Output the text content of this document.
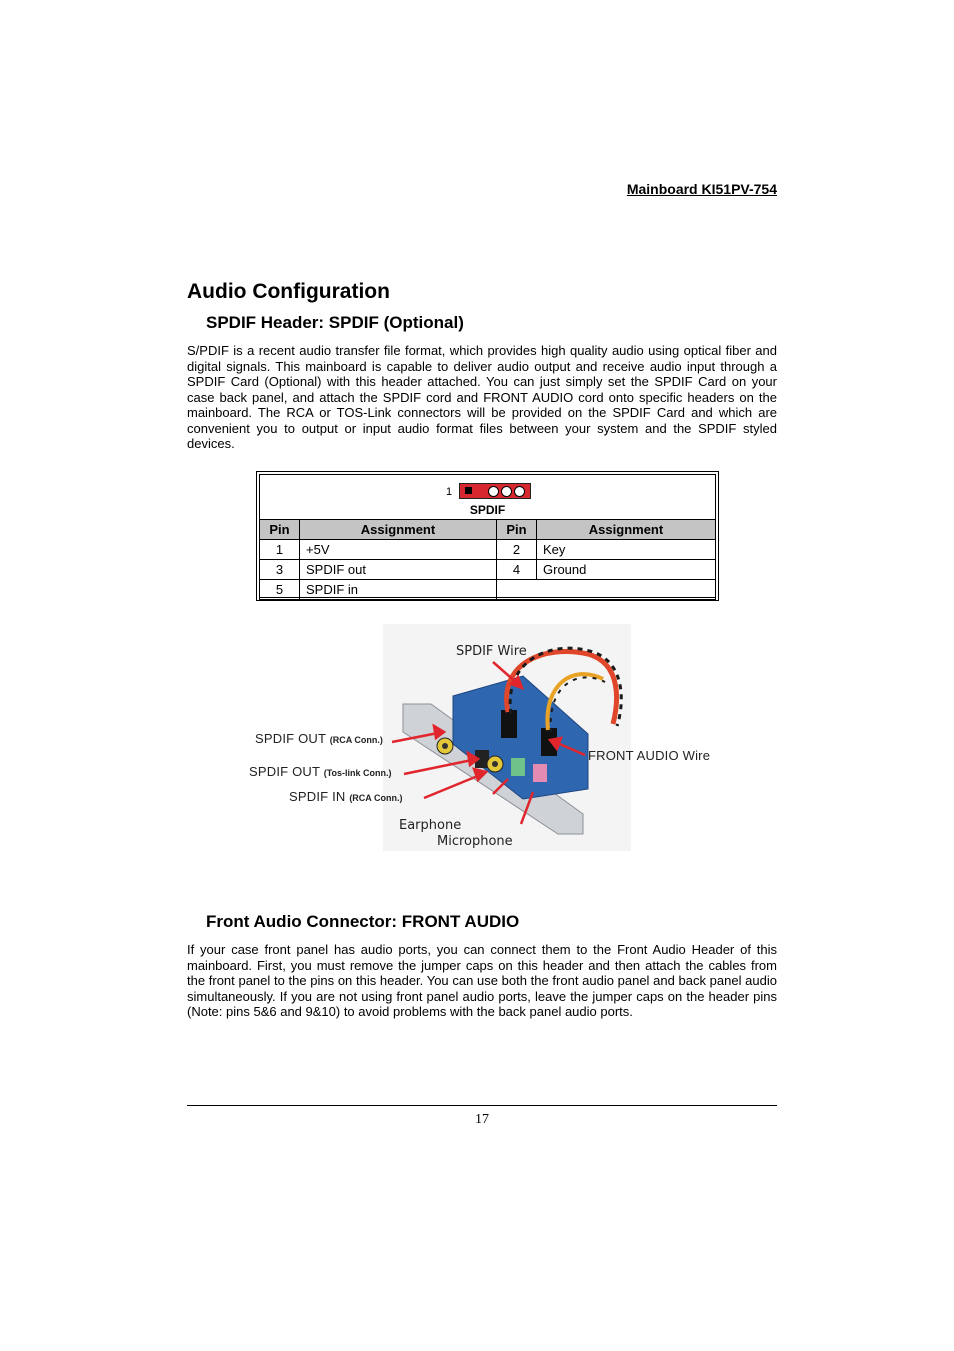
Mainboard KI51PV-754
Audio Configuration
SPDIF Header: SPDIF (Optional)
S/PDIF is a recent audio transfer file format, which provides high quality audio using optical fiber and digital signals. This mainboard is capable to deliver audio output and receive audio input through a SPDIF Card (Optional) with this header attached. You can just simply set the SPDIF Card on your case back panel, and attach the SPDIF cord and FRONT AUDIO cord onto specific headers on the mainboard. The RCA or TOS-Link connectors will be provided on the SPDIF Card and which are convenient you to output or input audio format files between your system and the SPDIF styled devices.
1
SPDIF
Pin	Assignment	Pin	Assignment
1	+5V	2	Key
3	SPDIF out	4	Ground
5	SPDIF in		
SPDIF Wire
Earphone
Microphone
SPDIF OUT (RCA Conn.)
SPDIF OUT (Tos-link Conn.)
SPDIF IN (RCA Conn.)
FRONT AUDIO Wire
Front Audio Connector: FRONT AUDIO
If your case front panel has audio ports, you can connect them to the Front Audio Header of this mainboard. First, you must remove the jumper caps on this header and then attach the cables from the front panel to the pins on this header. You can use both the front audio panel and back panel audio simultaneously. If you are not using front panel audio ports, leave the jumper caps on the header pins (Note: pins 5&6 and 9&10) to avoid problems with the back panel audio ports.
17
